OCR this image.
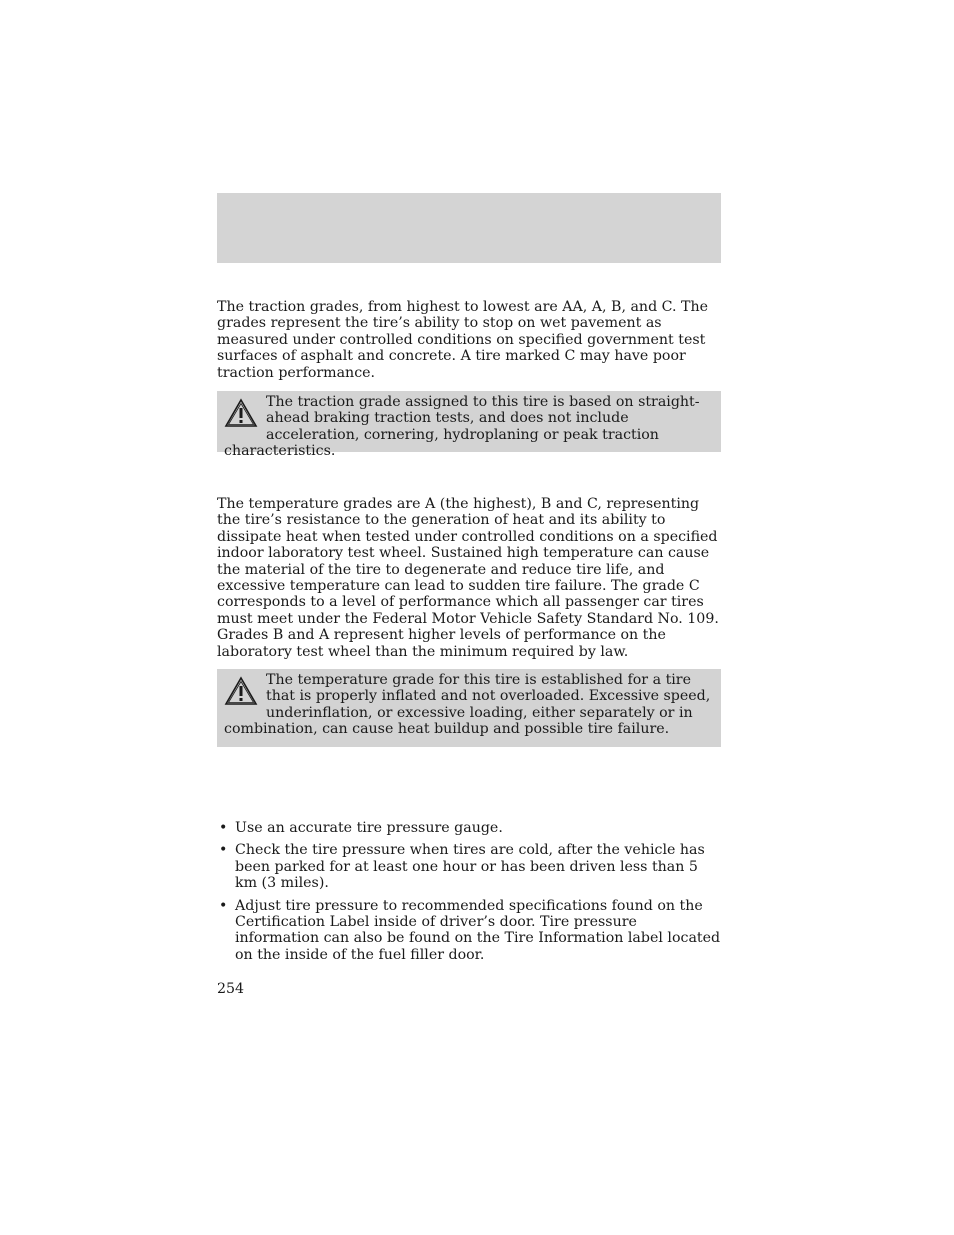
The traction grades, from highest to lowest are AA, A, B, and C. The grades represent the tire’s ability to stop on wet pavement as measured under controlled conditions on specified government test surfaces of asphalt and concrete. A tire marked C may have poor traction performance.

The traction grade assigned to this tire is based on straight-ahead braking traction tests, and does not include acceleration, cornering, hydroplaning or peak traction characteristics.

The temperature grades are A (the highest), B and C, representing the tire’s resistance to the generation of heat and its ability to dissipate heat when tested under controlled conditions on a specified indoor laboratory test wheel. Sustained high temperature can cause the material of the tire to degenerate and reduce tire life, and excessive temperature can lead to sudden tire failure. The grade C corresponds to a level of performance which all passenger car tires must meet under the Federal Motor Vehicle Safety Standard No. 109. Grades B and A represent higher levels of performance on the laboratory test wheel than the minimum required by law.

The temperature grade for this tire is established for a tire that is properly inflated and not overloaded. Excessive speed, underinflation, or excessive loading, either separately or in combination, can cause heat buildup and possible tire failure.
• Use an accurate tire pressure gauge.
• Check the tire pressure when tires are cold, after the vehicle has been parked for at least one hour or has been driven less than 5 km (3 miles).
• Adjust tire pressure to recommended specifications found on the Certification Label inside of driver’s door. Tire pressure information can also be found on the Tire Information label located on the inside of the fuel filler door.
254
